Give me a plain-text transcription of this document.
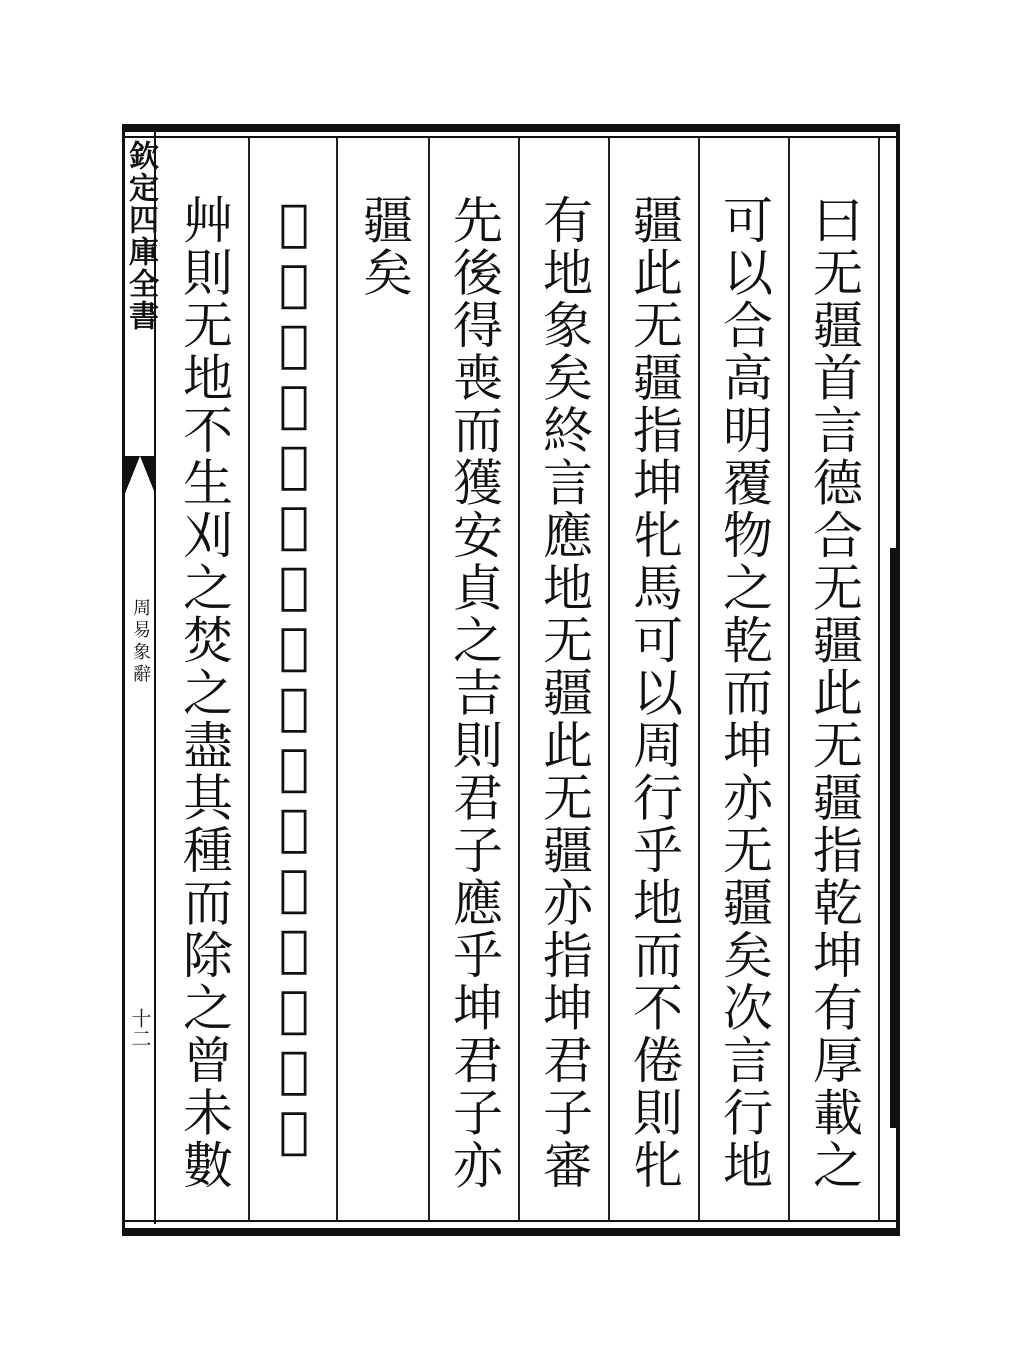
欽定四庫全書
周易象辭
十二
曰无疆首言德合无疆此无疆指乾坤有厚載之
可以合高明覆物之乾而坤亦无疆矣次言行地
疆此无疆指坤牝馬可以周行乎地而不倦則牝
有地象矣終言應地无疆此无疆亦指坤君子審
先後得喪而獲安貞之吉則君子應乎坤君子亦
疆矣
𡴀土生從屮從土會艸出于土之意天下
艸則无地不生刈之焚之盡其種而除之曾未數
